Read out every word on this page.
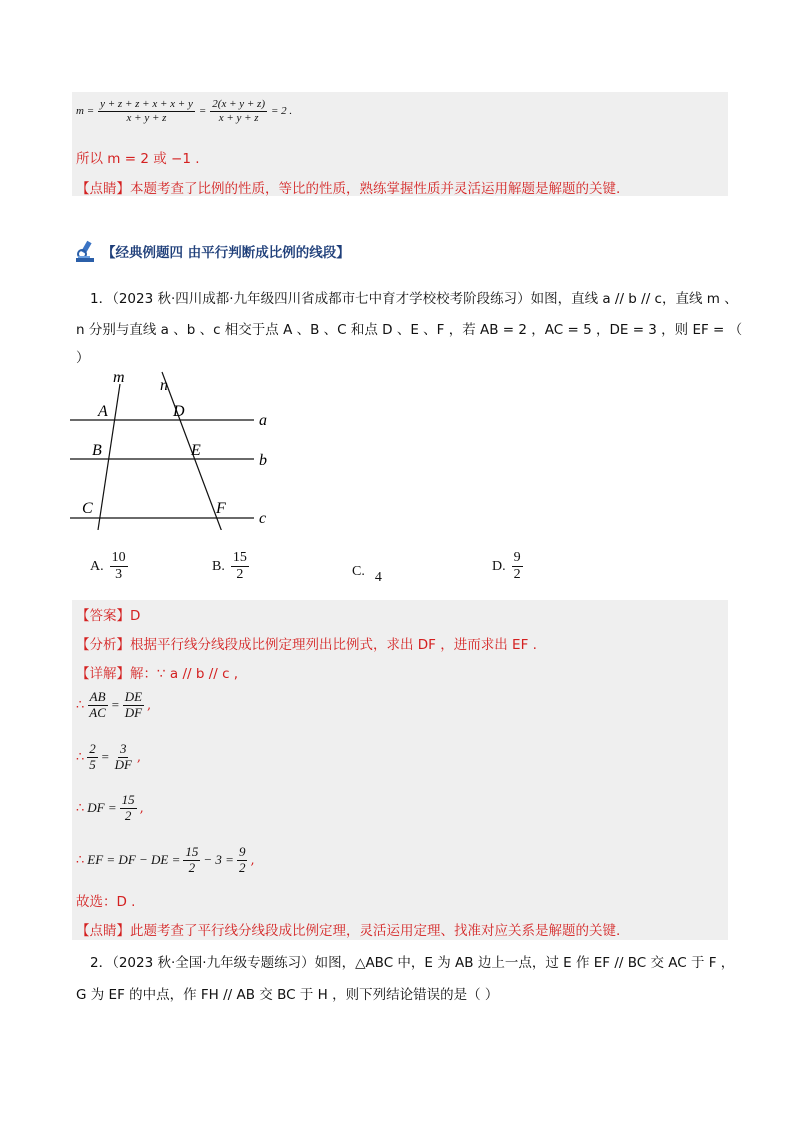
$m = \frac{y + z + z + x + x + y}{x + y + z} = \frac{2(x + y + z)}{x + y + z} = 2$ .
所以 m = 2 或 −1 .
【点睛】本题考查了比例的性质，等比的性质，熟练掌握性质并灵活运用解题是解题的关键.
【经典例题四 由平行判断成比例的线段】
1．（2023 秋·四川成都·九年级四川省成都市七中育才学校校考阶段练习）如图，直线 a // b // c，直线 m 、
n 分别与直线 a 、b 、c 相交于点 A 、B 、C 和点 D 、E 、F ，若 AB = 2 ，AC = 5 ，DE = 3 ，则 EF = （
）
m n
A
B
C
D
E
F
a
b
c
A. $\frac{10}{3}$	B. $\frac{15}{2}$	C. 4
D. $\frac{9}{2}$
【答案】D
【分析】根据平行线分线段成比例定理列出比例式，求出 DF ，进而求出 EF .
【详解】解：∵ a // b // c ,
∴ $\frac{AB}{AC} = \frac{DE}{DF}$ ,
∴ $\frac{2}{5} = \frac{3}{DF}$ ,
∴ DF = $\frac{15}{2}$ ,
∴ EF = DF − DE = $\frac{15}{2} - 3 = \frac{9}{2}$ ,
故选：D .
【点睛】此题考查了平行线分线段成比例定理，灵活运用定理、找准对应关系是解题的关键.
2．（2023 秋·全国·九年级专题练习）如图，△ABC 中，E 为 AB 边上一点，过 E 作 EF // BC 交 AC 于 F ，
G 为 EF 的中点，作 FH // AB 交 BC 于 H ，则下列结论错误的是（ ）
